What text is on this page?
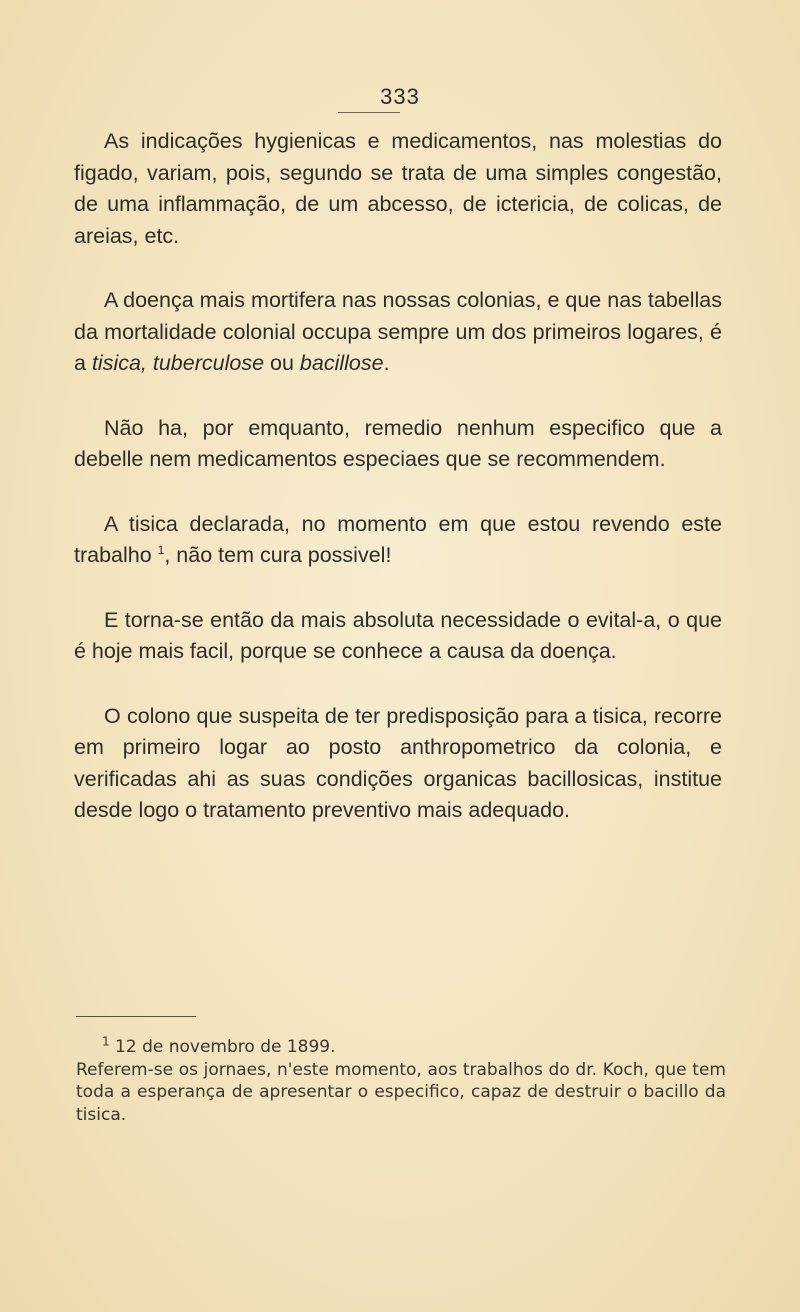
333

As indicações hygienicas e medicamentos, nas molestias do figado, variam, pois, segundo se trata de uma simples congestão, de uma inflammação, de um abcesso, de ictericia, de colicas, de areias, etc.

A doença mais mortifera nas nossas colonias, e que nas tabellas da mortalidade colonial occupa sempre um dos primeiros logares, é a tisica, tuberculose ou bacillose.

Não ha, por emquanto, remedio nenhum especifico que a debelle nem medicamentos especiaes que se recommendem.

A tisica declarada, no momento em que estou revendo este trabalho $^1$, não tem cura possivel!

E torna-se então da mais absoluta necessidade o evital-a, o que é hoje mais facil, porque se conhece a causa da doença.

O colono que suspeita de ter predisposição para a tisica, recorre em primeiro logar ao posto anthropometrico da colonia, e verificadas ahi as suas condições organicas bacillosicas, institue desde logo o tratamento preventivo mais adequado.

$^1$ 12 de novembro de 1899.

Referem-se os jornaes, n'este momento, aos trabalhos do dr. Koch, que tem toda a esperança de apresentar o especifico, capaz de destruir o bacillo da tisica.
